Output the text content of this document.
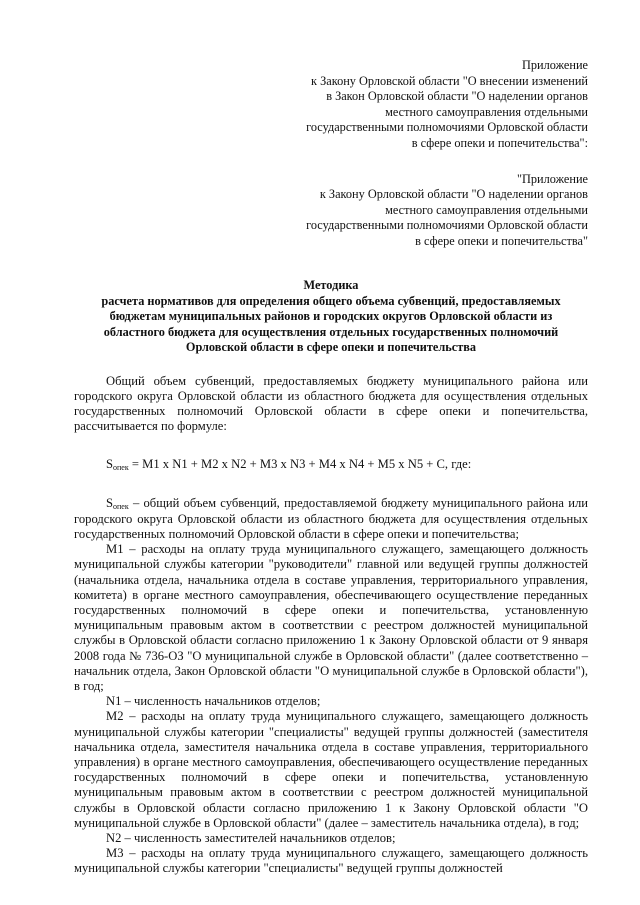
Приложение
к Закону Орловской области "О внесении изменений
в Закон Орловской области "О наделении органов
местного самоуправления отдельными
государственными полномочиями Орловской области
в сфере опеки и попечительства":
"Приложение
к Закону Орловской области "О наделении органов
местного самоуправления отдельными
государственными полномочиями Орловской области
в сфере опеки и попечительства"
Методика
расчета нормативов для определения общего объема субвенций, предоставляемых
бюджетам муниципальных районов и городских округов Орловской области из
областного бюджета для осуществления отдельных государственных полномочий
Орловской области в сфере опеки и попечительства

Общий объем субвенций, предоставляемых бюджету муниципального района или городского округа Орловской области из областного бюджета для осуществления отдельных государственных полномочий Орловской области в сфере опеки и попечительства, рассчитывается по формуле:

$S_{опек} = M1$ x N1 + M2 x N2 + M3 x N3 + M4 x N4 + M5 x N5 + C, где:

Sопек – общий объем субвенций, предоставляемой бюджету муниципального района или городского округа Орловской области из областного бюджета для осуществления отдельных государственных полномочий Орловской области в сфере опеки и попечительства;

M1 – расходы на оплату труда муниципального служащего, замещающего должность муниципальной службы категории "руководители" главной или ведущей группы должностей (начальника отдела, начальника отдела в составе управления, территориального управления, комитета) в органе местного самоуправления, обеспечивающего осуществление переданных государственных полномочий в сфере опеки и попечительства, установленную муниципальным правовым актом в соответствии с реестром должностей муниципальной службы в Орловской области согласно приложению 1 к Закону Орловской области от 9 января 2008 года № 736-ОЗ "О муниципальной службе в Орловской области" (далее соответственно – начальник отдела, Закон Орловской области "О муниципальной службе в Орловской области"), в год;

N1 – численность начальников отделов;

M2 – расходы на оплату труда муниципального служащего, замещающего должность муниципальной службы категории "специалисты" ведущей группы должностей (заместителя начальника отдела, заместителя начальника отдела в составе управления, территориального управления) в органе местного самоуправления, обеспечивающего осуществление переданных государственных полномочий в сфере опеки и попечительства, установленную муниципальным правовым актом в соответствии с реестром должностей муниципальной службы в Орловской области согласно приложению 1 к Закону Орловской области "О муниципальной службе в Орловской области" (далее – заместитель начальника отдела), в год;

N2 – численность заместителей начальников отделов;

M3 – расходы на оплату труда муниципального служащего, замещающего должность муниципальной службы категории "специалисты" ведущей группы должностей
